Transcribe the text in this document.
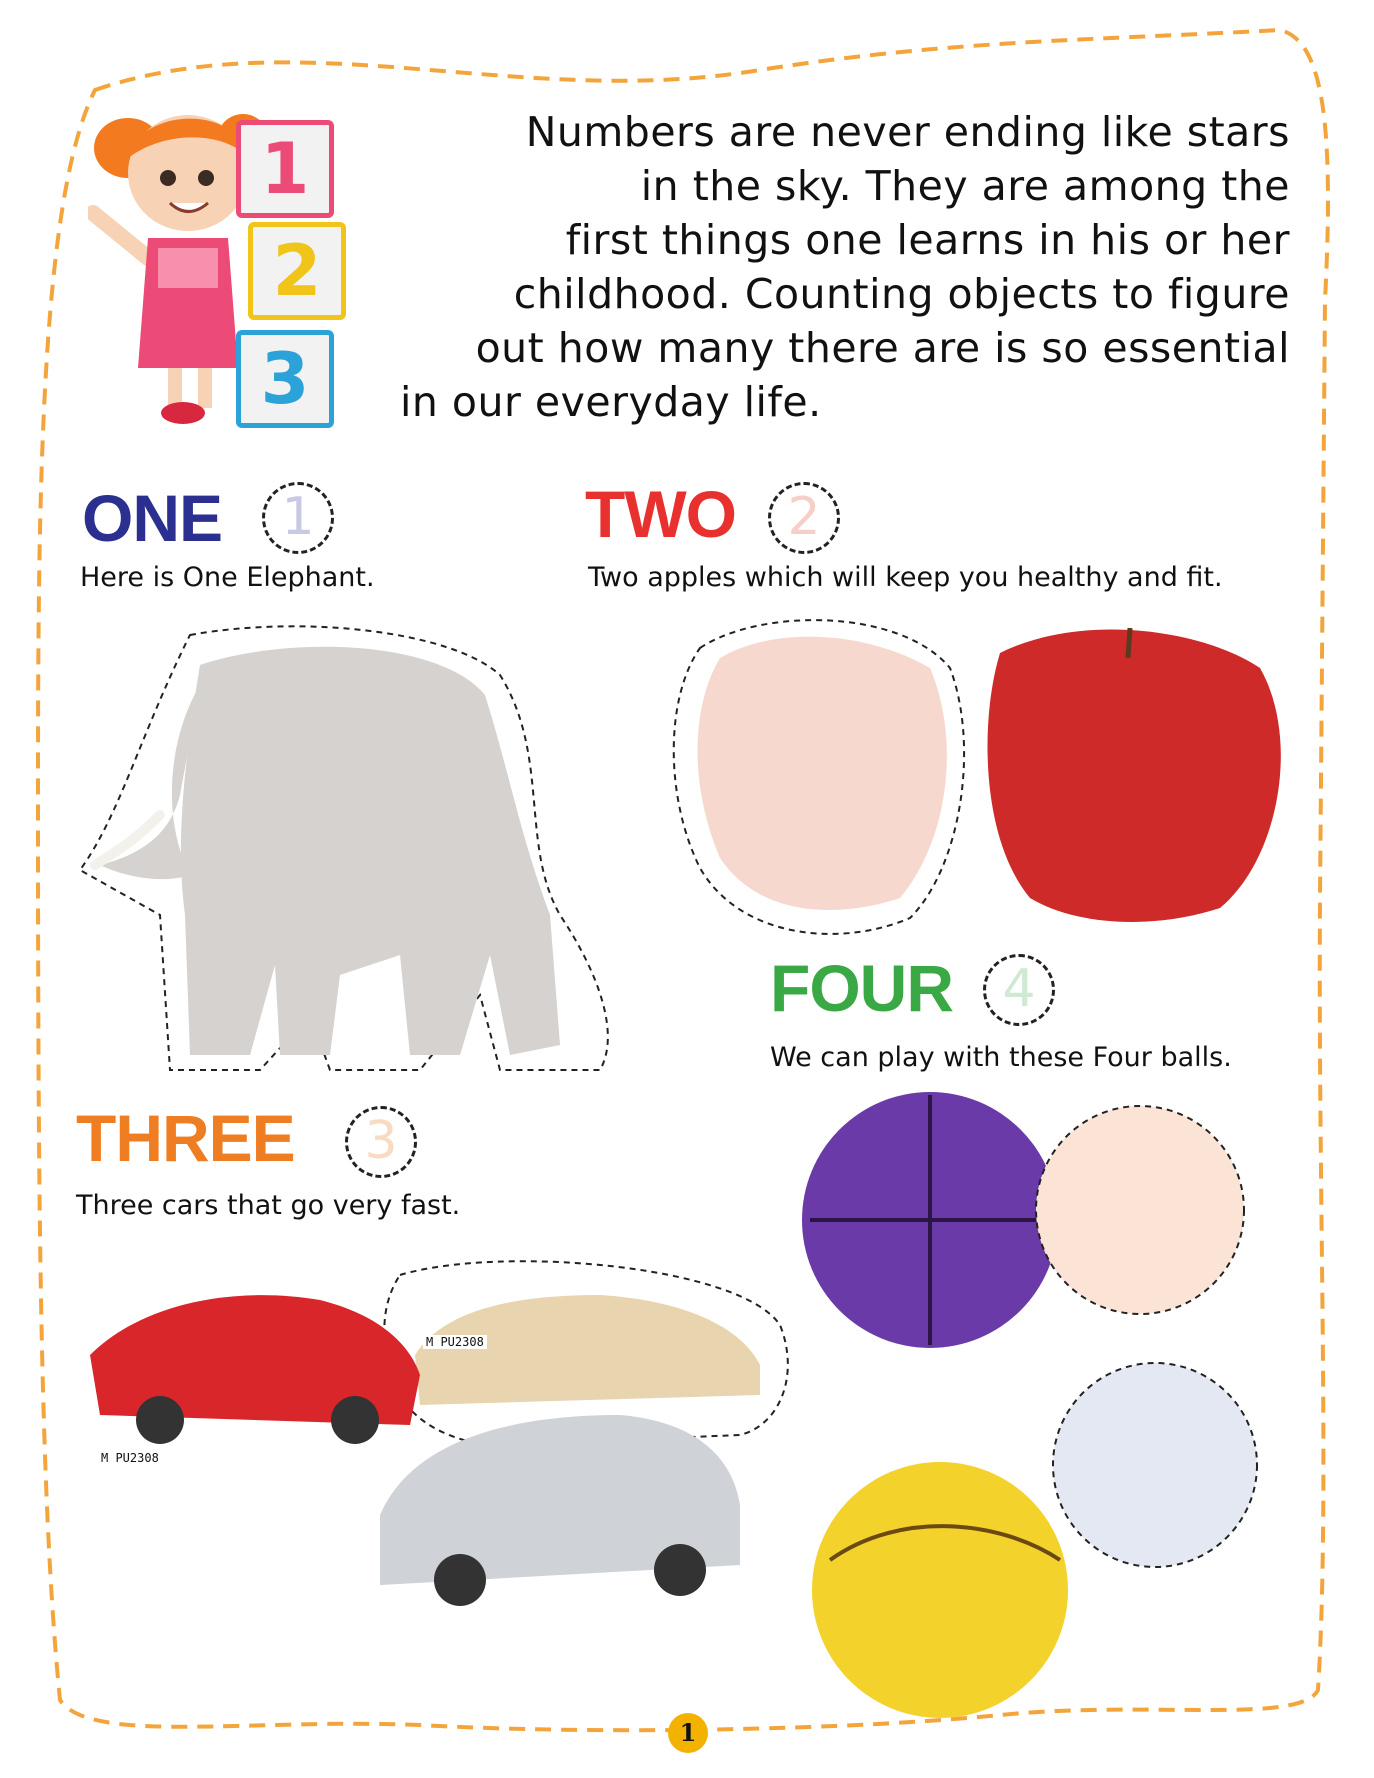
1
2
3
Numbers are never ending like stars
in the sky. They are among the
first things one learns in his or her
childhood. Counting objects to figure
out how many there are is so essential
in our everyday life.
ONE	1
Here is One Elephant.
TWO 2
Two apples which will keep you healthy and fit.
FOUR 4
We can play with these Four balls.
THREE	3
Three cars that go very fast.
M PU2308
M PU2308
1
